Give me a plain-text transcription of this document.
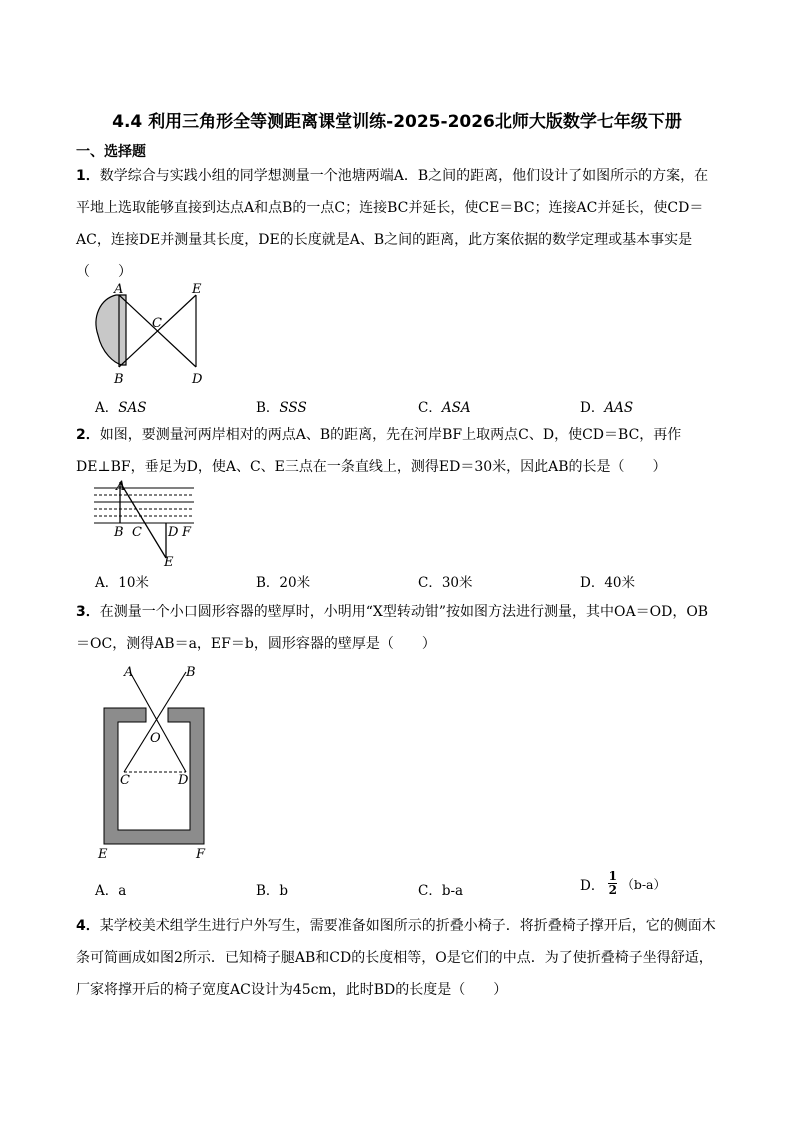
4.4 利用三角形全等测距离课堂训练-2025-2026北师大版数学七年级下册
一、选择题
1．数学综合与实践小组的同学想测量一个池塘两端A．B之间的距离，他们设计了如图所示的方案，在平地上选取能够直接到达点A和点B的一点C；连接BC并延长，使CE＝BC；连接AC并延长，使CD＝AC，连接DE并测量其长度，DE的长度就是A、B之间的距离，此方案依据的数学定理或基本事实是（　　）
A
B
C
D
E
A．SAS	B．SSS	C．ASA	D．AAS
2．如图，要测量河两岸相对的两点A、B的距离，先在河岸BF上取两点C、D，使CD＝BC，再作DE⊥BF，垂足为D，使A、C、E三点在一条直线上，测得ED＝30米，因此AB的长是（　　）
A
B C D F
E
A．10米	B．20米	C．30米	D．40米
3．在测量一个小口圆形容器的壁厚时，小明用“X型转动钳”按如图方法进行测量，其中OA＝OD，OB＝OC，测得AB＝a，EF＝b，圆形容器的壁厚是（　　）
A	B
O
C	D
E	F
A．a	B．b	C．b-a	D．
1
2 （b-a）
4．某学校美术组学生进行户外写生，需要准备如图所示的折叠小椅子．将折叠椅子撑开后，它的侧面木条可简画成如图2所示．已知椅子腿AB和CD的长度相等，O是它们的中点．为了使折叠椅子坐得舒适，厂家将撑开后的椅子宽度AC设计为45cm，此时BD的长度是（　　）
